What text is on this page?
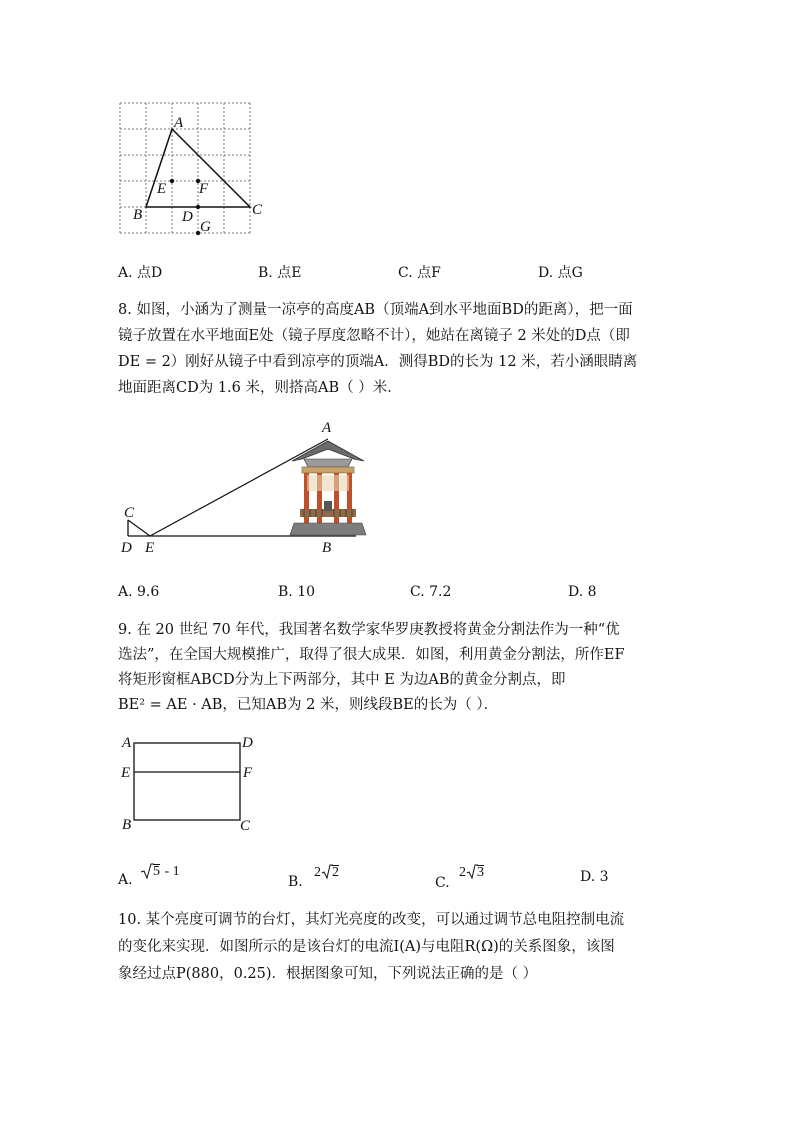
A
E F
B	D	C
G
A. 点D	B. 点E	C. 点F	D. 点G
8. 如图，小涵为了测量一凉亭的高度AB（顶端A到水平地面BD的距离），把一面
镜子放置在水平地面E处（镜子厚度忽略不计），她站在离镜子 2 米处的D点（即
DE = 2）刚好从镜子中看到凉亭的顶端A．测得BD的长为 12 米，若小涵眼睛离
地面距离CD为 1.6 米，则搭高AB（ ）米．
A
C
D E	B
A. 9.6	B. 10	C. 7.2	D. 8
9. 在 20 世纪 70 年代，我国著名数学家华罗庚教授将黄金分割法作为一种“优
选法”，在全国大规模推广，取得了很大成果．如图，利用黄金分割法，所作EF
将矩形窗框ABCD分为上下两部分，其中 E 为边AB的黄金分割点，即
BE² = AE · AB，已知AB为 2 米，则线段BE的长为（ ）．
A	D
E	F
B	C
A.
5 - 1
B.
2 2
C.
2 3	D. 3
10. 某个亮度可调节的台灯，其灯光亮度的改变，可以通过调节总电阻控制电流
的变化来实现．如图所示的是该台灯的电流I(A)与电阻R(Ω)的关系图象，该图
象经过点P(880，0.25)．根据图象可知，下列说法正确的是（ ）
